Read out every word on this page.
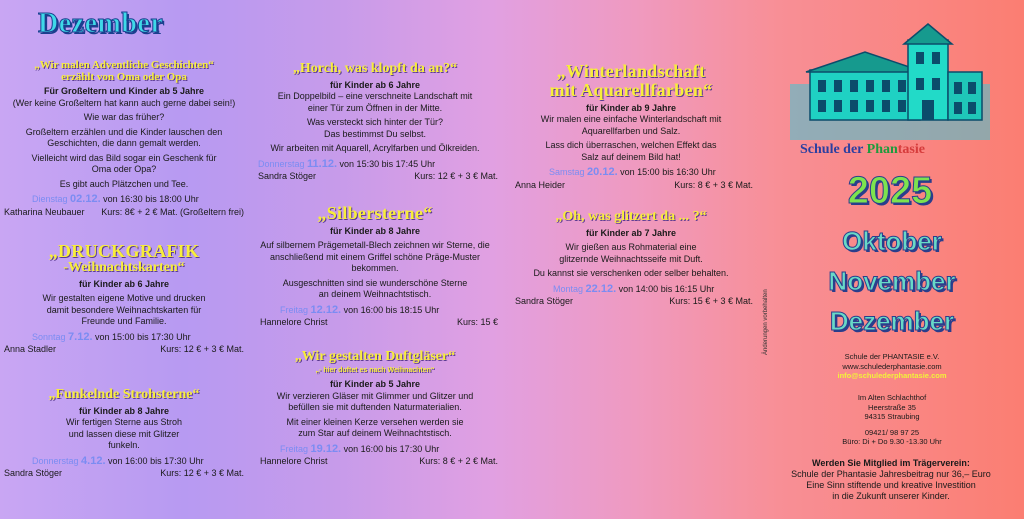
Dezember
„Wir malen Adventliche Geschichten“
erzählt von Oma oder Opa
Für Großeltern und Kinder ab 5 Jahre
(Wer keine Großeltern hat kann auch gerne dabei sein!)
Wie war das früher?
Großeltern erzählen und die Kinder lauschen den Geschichten, die dann gemalt werden.
Vielleicht wird das Bild sogar ein Geschenk für Oma oder Opa?
Es gibt auch Plätzchen und Tee.
Dienstag 02.12. von 16:30 bis 18:00 Uhr
Katharina Neubauer Kurs: 8€ + 2 € Mat. (Großeltern frei)
„DRUCKGRAFIK
-Weihnachtskarten“
für Kinder ab 6 Jahre
Wir gestalten eigene Motive und drucken damit besondere Weihnachtskarten für Freunde und Familie.
Sonntag 7.12. von 15:00 bis 17:30 Uhr
Anna Stadler	Kurs: 12 € + 3 € Mat.
„Funkelnde Strohsterne“
für Kinder ab 8 Jahre
Wir fertigen Sterne aus Stroh und lassen diese mit Glitzer funkeln.
Donnerstag 4.12. von 16:00 bis 17:30 Uhr
Sandra Stöger	Kurs: 12 € + 3 € Mat.
„Horch, was klopft da an?“
für Kinder ab 6 Jahre
Ein Doppelbild – eine verschneite Landschaft mit einer Tür zum Öffnen in der Mitte.
Was versteckt sich hinter der Tür? Das bestimmst Du selbst.
Wir arbeiten mit Aquarell, Acrylfarben und Ölkreiden.
Donnerstag 11.12. von 15:30 bis 17:45 Uhr
Sandra Stöger	Kurs: 12 € + 3 € Mat.
„Silbersterne“
für Kinder ab 8 Jahre
Auf silbernem Prägemetall-Blech zeichnen wir Sterne, die anschließend mit einem Griffel schöne Präge-Muster bekommen.
Ausgeschnitten sind sie wunderschöne Sterne an deinem Weihnachtstisch.
Freitag 12.12. von 16:00 bis 18:15 Uhr
Hannelore Christ	Kurs: 15 €
„Wir gestalten Duftgläser“
„- hier duftet es nach Weihnachten“
für Kinder ab 5 Jahre
Wir verzieren Gläser mit Glimmer und Glitzer und befüllen sie mit duftenden Naturmaterialien.
Mit einer kleinen Kerze versehen werden sie zum Star auf deinem Weihnachtstisch.
Freitag 19.12. von 16:00 bis 17:30 Uhr
Hannelore Christ	Kurs: 8 € + 2 € Mat.
„Winterlandschaft
mit Aquarellfarben“
für Kinder ab 9 Jahre
Wir malen eine einfache Winterlandschaft mit Aquarellfarben und Salz.
Lass dich überraschen, welchen Effekt das Salz auf deinem Bild hat!
Samstag 20.12. von 15:00 bis 16:30 Uhr
Anna Heider	Kurs: 8 € + 3 € Mat.
„Oh, was glitzert da ... ?“
für Kinder ab 7 Jahre
Wir gießen aus Rohmaterial eine glitzernde Weihnachtsseife mit Duft.
Du kannst sie verschenken oder selber behalten.
Montag 22.12. von 14:00 bis 16:15 Uhr
Sandra Stöger	Kurs: 15 € + 3 € Mat.
Schule der Phantasie
2025
Oktober
November
Dezember
Schule der PHANTASIE e.V.
www.schulederphantasie.com
info@schulederphantasie.com
Im Alten Schlachthof
Heerstraße 35
94315 Straubing
09421/ 98 97 25
Büro: Di + Do 9.30 -13.30 Uhr
Änderungen vorbehalten
Werden Sie Mitglied im Trägerverein:
Schule der Phantasie Jahresbeitrag nur 36,– Euro
Eine Sinn stiftende und kreative Investition
in die Zukunft unserer Kinder.
